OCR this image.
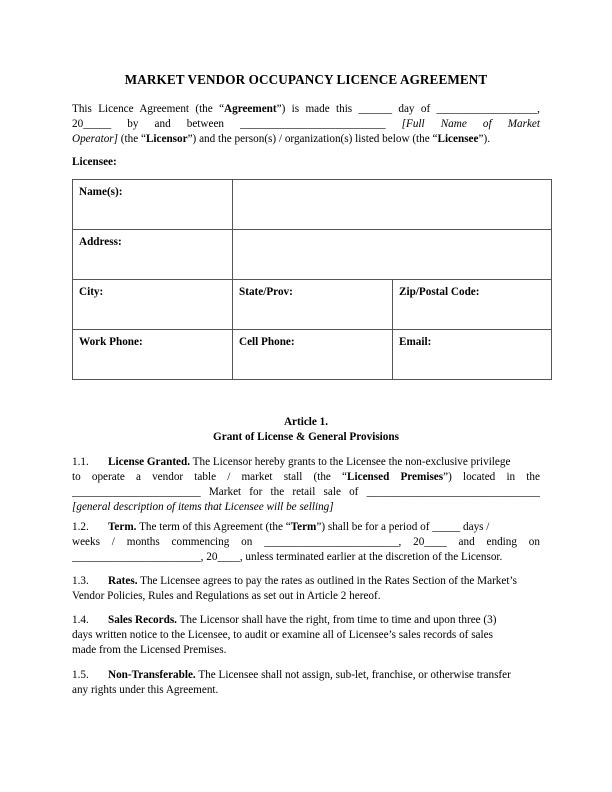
MARKET VENDOR OCCUPANCY LICENCE AGREEMENT
This Licence Agreement (the “Agreement”) is made this ______ day of __________________,
20_____ by and between __________________________ [Full Name of Market
Operator] (the “Licensor”) and the person(s) / organization(s) listed below (the “Licensee”).
Licensee:
Name(s):		
Address:		
City:	State/Prov:	Zip/Postal Code:
Work Phone:	Cell Phone:	Email:
Article 1.
Grant of License & General Provisions
1.1. License Granted. The Licensor hereby grants to the Licensee the non-exclusive privilege
to operate a vendor table / market stall (the “Licensed Premises”) located in the
_______________________ Market for the retail sale of _______________________________
[general description of items that Licensee will be selling]
1.2. Term. The term of this Agreement (the “Term”) shall be for a period of _____ days /
weeks / months commencing on ________________________, 20____ and ending on
_______________________, 20____, unless terminated earlier at the discretion of the Licensor.
1.3. Rates. The Licensee agrees to pay the rates as outlined in the Rates Section of the Market’s
Vendor Policies, Rules and Regulations as set out in Article 2 hereof.
1.4. Sales Records. The Licensor shall have the right, from time to time and upon three (3)
days written notice to the Licensee, to audit or examine all of Licensee’s sales records of sales
made from the Licensed Premises.
1.5. Non-Transferable. The Licensee shall not assign, sub-let, franchise, or otherwise transfer
any rights under this Agreement.
